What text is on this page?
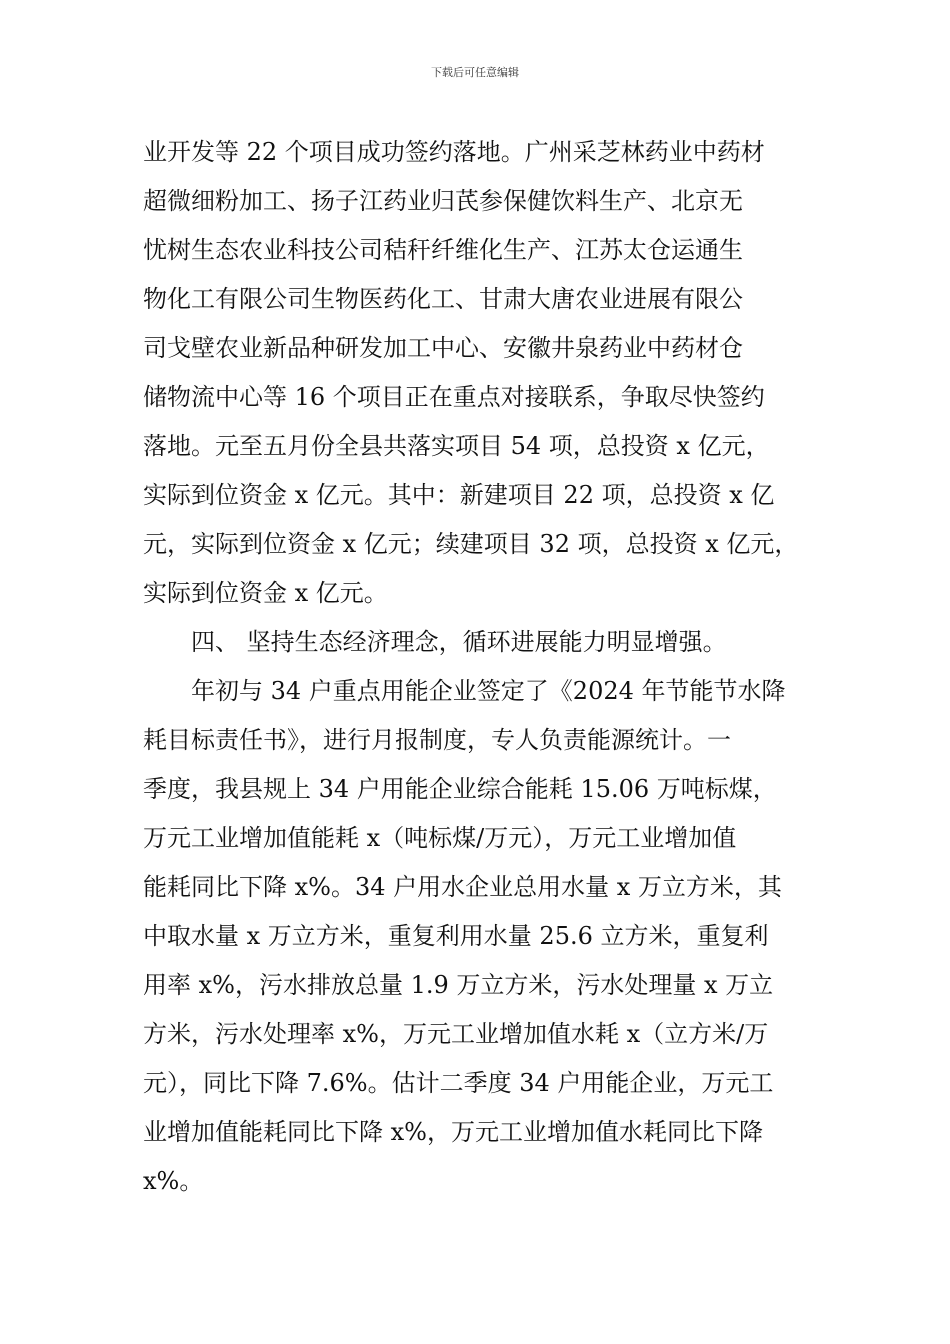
下载后可任意编辑
业开发等 22 个项目成功签约落地。广州采芝林药业中药材
超微细粉加工、扬子江药业归芪参保健饮料生产、北京无
忧树生态农业科技公司秸秆纤维化生产、江苏太仓运通生
物化工有限公司生物医药化工、甘肃大唐农业进展有限公
司戈壁农业新品种研发加工中心、安徽井泉药业中药材仓
储物流中心等 16 个项目正在重点对接联系，争取尽快签约
落地。元至五月份全县共落实项目 54 项，总投资 x 亿元，
实际到位资金 x 亿元。其中：新建项目 22 项，总投资 x 亿
元，实际到位资金 x 亿元；续建项目 32 项，总投资 x 亿元，
实际到位资金 x 亿元。
四、 坚持生态经济理念，循环进展能力明显增强。
年初与 34 户重点用能企业签定了《2024 年节能节水降
耗目标责任书》，进行月报制度，专人负责能源统计。一
季度，我县规上 34 户用能企业综合能耗 15.06 万吨标煤，
万元工业增加值能耗 x（吨标煤/万元），万元工业增加值
能耗同比下降 x%。34 户用水企业总用水量 x 万立方米，其
中取水量 x 万立方米，重复利用水量 25.6 立方米，重复利
用率 x%，污水排放总量 1.9 万立方米，污水处理量 x 万立
方米，污水处理率 x%，万元工业增加值水耗 x（立方米/万
元），同比下降 7.6%。估计二季度 34 户用能企业，万元工
业增加值能耗同比下降 x%，万元工业增加值水耗同比下降
x%。
